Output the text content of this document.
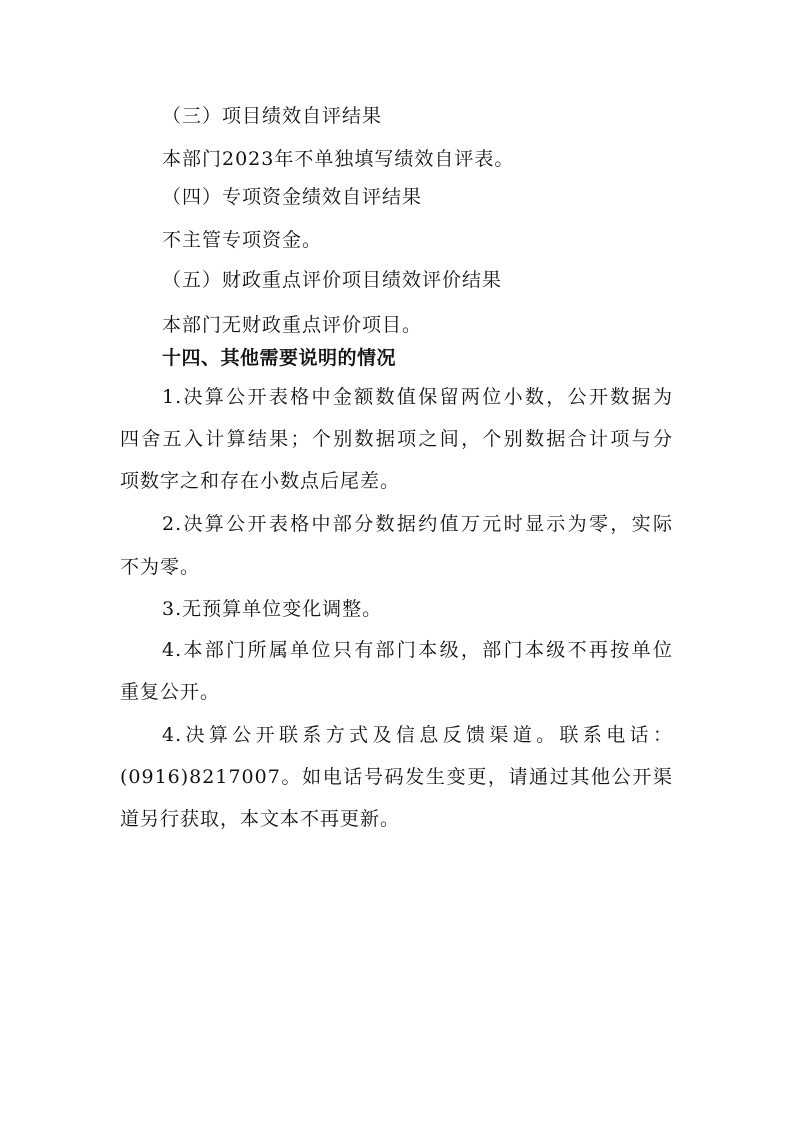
（三）项目绩效自评结果
本部门2023年不单独填写绩效自评表。
（四）专项资金绩效自评结果
不主管专项资金。
（五）财政重点评价项目绩效评价结果
本部门无财政重点评价项目。
十四、其他需要说明的情况
1.决算公开表格中金额数值保留两位小数，公开数据为
四舍五入计算结果；个别数据项之间，个别数据合计项与分
项数字之和存在小数点后尾差。
2.决算公开表格中部分数据约值万元时显示为零，实际
不为零。
3.无预算单位变化调整。
4.本部门所属单位只有部门本级，部门本级不再按单位
重复公开。
4.决算公开联系方式及信息反馈渠道。联系电话：
(0916)8217007。如电话号码发生变更，请通过其他公开渠
道另行获取，本文本不再更新。
